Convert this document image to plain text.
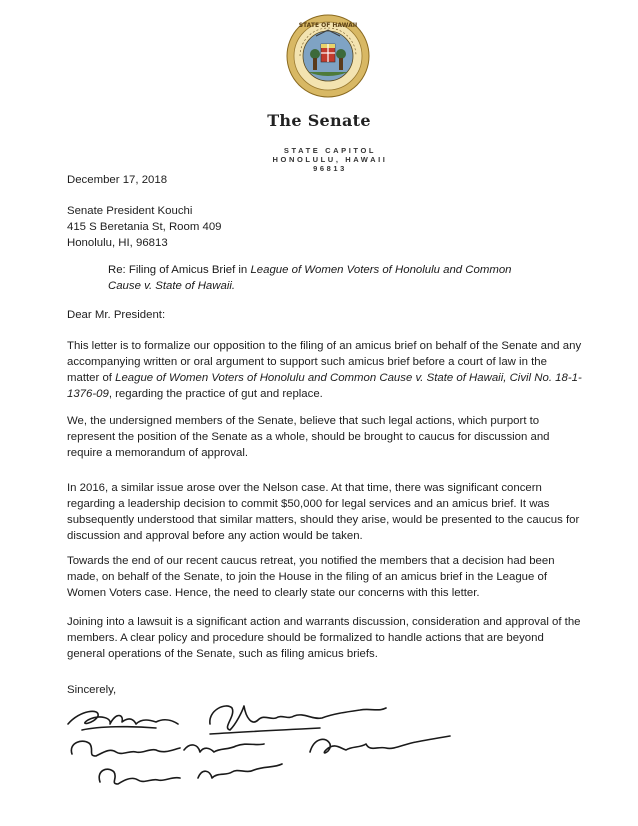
STATE OF HAWAII
The Senate
STATE CAPITOL
HONOLULU, HAWAII 96813
December 17, 2018
Senate President Kouchi
415 S Beretania St, Room 409
Honolulu, HI, 96813
Re: Filing of Amicus Brief in League of Women Voters of Honolulu and Common Cause v. State of Hawaii.
Dear Mr. President:
This letter is to formalize our opposition to the filing of an amicus brief on behalf of the Senate and any accompanying written or oral argument to support such amicus brief before a court of law in the matter of League of Women Voters of Honolulu and Common Cause v. State of Hawaii, Civil No. 18-1-1376-09, regarding the practice of gut and replace.
We, the undersigned members of the Senate, believe that such legal actions, which purport to represent the position of the Senate as a whole, should be brought to caucus for discussion and require a memorandum of approval.
In 2016, a similar issue arose over the Nelson case. At that time, there was significant concern regarding a leadership decision to commit $50,000 for legal services and an amicus brief. It was subsequently understood that similar matters, should they arise, would be presented to the caucus for discussion and approval before any action would be taken.
Towards the end of our recent caucus retreat, you notified the members that a decision had been made, on behalf of the Senate, to join the House in the filing of an amicus brief in the League of Women Voters case. Hence, the need to clearly state our concerns with this letter.
Joining into a lawsuit is a significant action and warrants discussion, consideration and approval of the members. A clear policy and procedure should be formalized to handle actions that are beyond general operations of the Senate, such as filing amicus briefs.
Sincerely,
